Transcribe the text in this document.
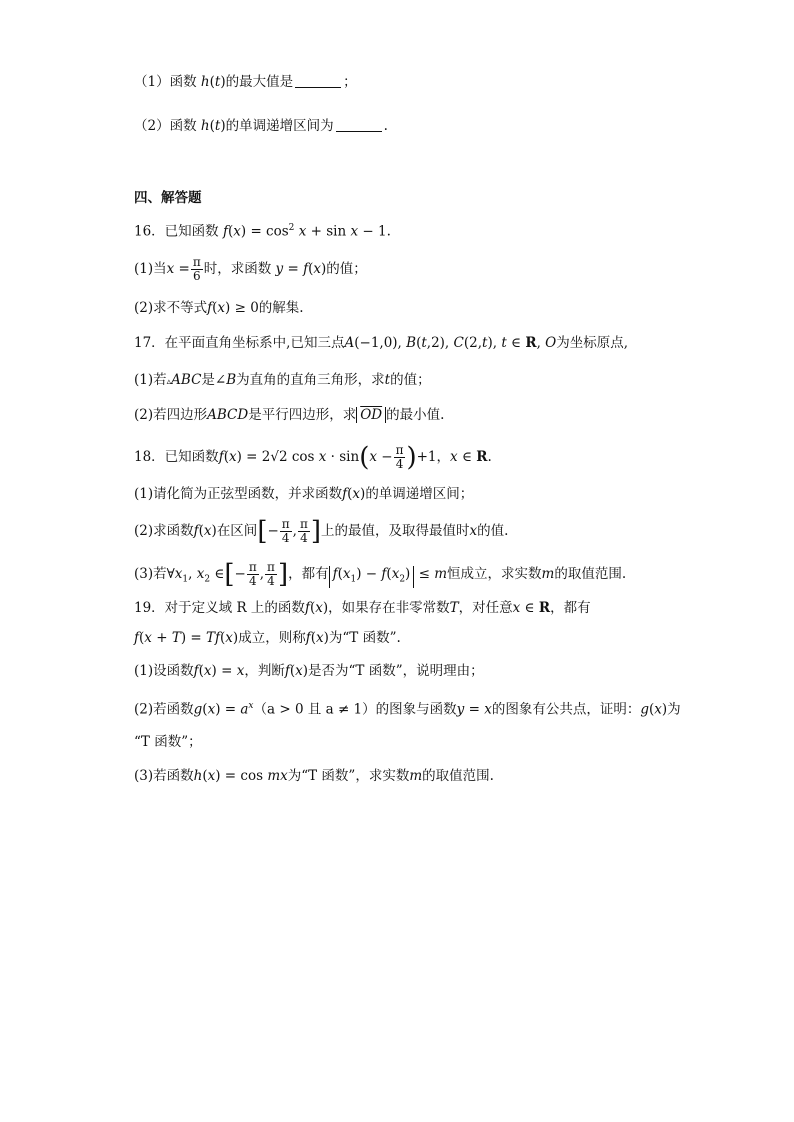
（1）函数 h(t)的最大值是	；
（2）函数 h(t)的单调递增区间为	.
四、解答题
16．已知函数 $f(x) = \cos^2 x + \sin x - 1$.
(1)当$x = \frac{\pi}{6}$ 时，求函数 y = f(x)的值；
(2)求不等式f(x) ≥ 0的解集.
17．在平面直角坐标系中,已知三点A(−1,0), B(t,2), C(2,t), t ∈ R, O为坐标原点,
(1)若▵ABC是∠B为直角的直角三角形，求t的值；
(2)若四边形ABCD是平行四边形，求 $\overline{OD}$ 的最小值.
18．已知函数f(x) = 2√2 $\cos x \cdot \sin(x - \frac{\pi}{4} )+1$，x ∈ R.
(1)请化简为正弦型函数，并求函数f(x)的单调递增区间；
(2)求函数f(x)在区间[− $\frac{\pi}{4}$ , $\frac{\pi}{4}$ ]上的最值，及取得最值时x的值.
(3)若$\forall x_1$, $x_2$ ∈[− $\frac{\pi}{4}$ , $\frac{\pi}{4}$ ]，都有 $f(x_1) - f(x_2) \le m$恒成立，求实数m的取值范围.
19．对于定义域 R 上的函数f(x)，如果存在非零常数T，对任意x ∈ R，都有
f(x + T) = Tf(x)成立，则称f(x)为“T 函数”.
(1)设函数f(x) = x，判断f(x)是否为“T 函数”，说明理由；
(2)若函数$g(x) = a^x(a > 0$ 且 a ≠ 1）的图象与函数y = x的图象有公共点，证明：g(x)为
“T 函数”；
(3)若函数h(x) = cos mx为“T 函数”，求实数m的取值范围.
